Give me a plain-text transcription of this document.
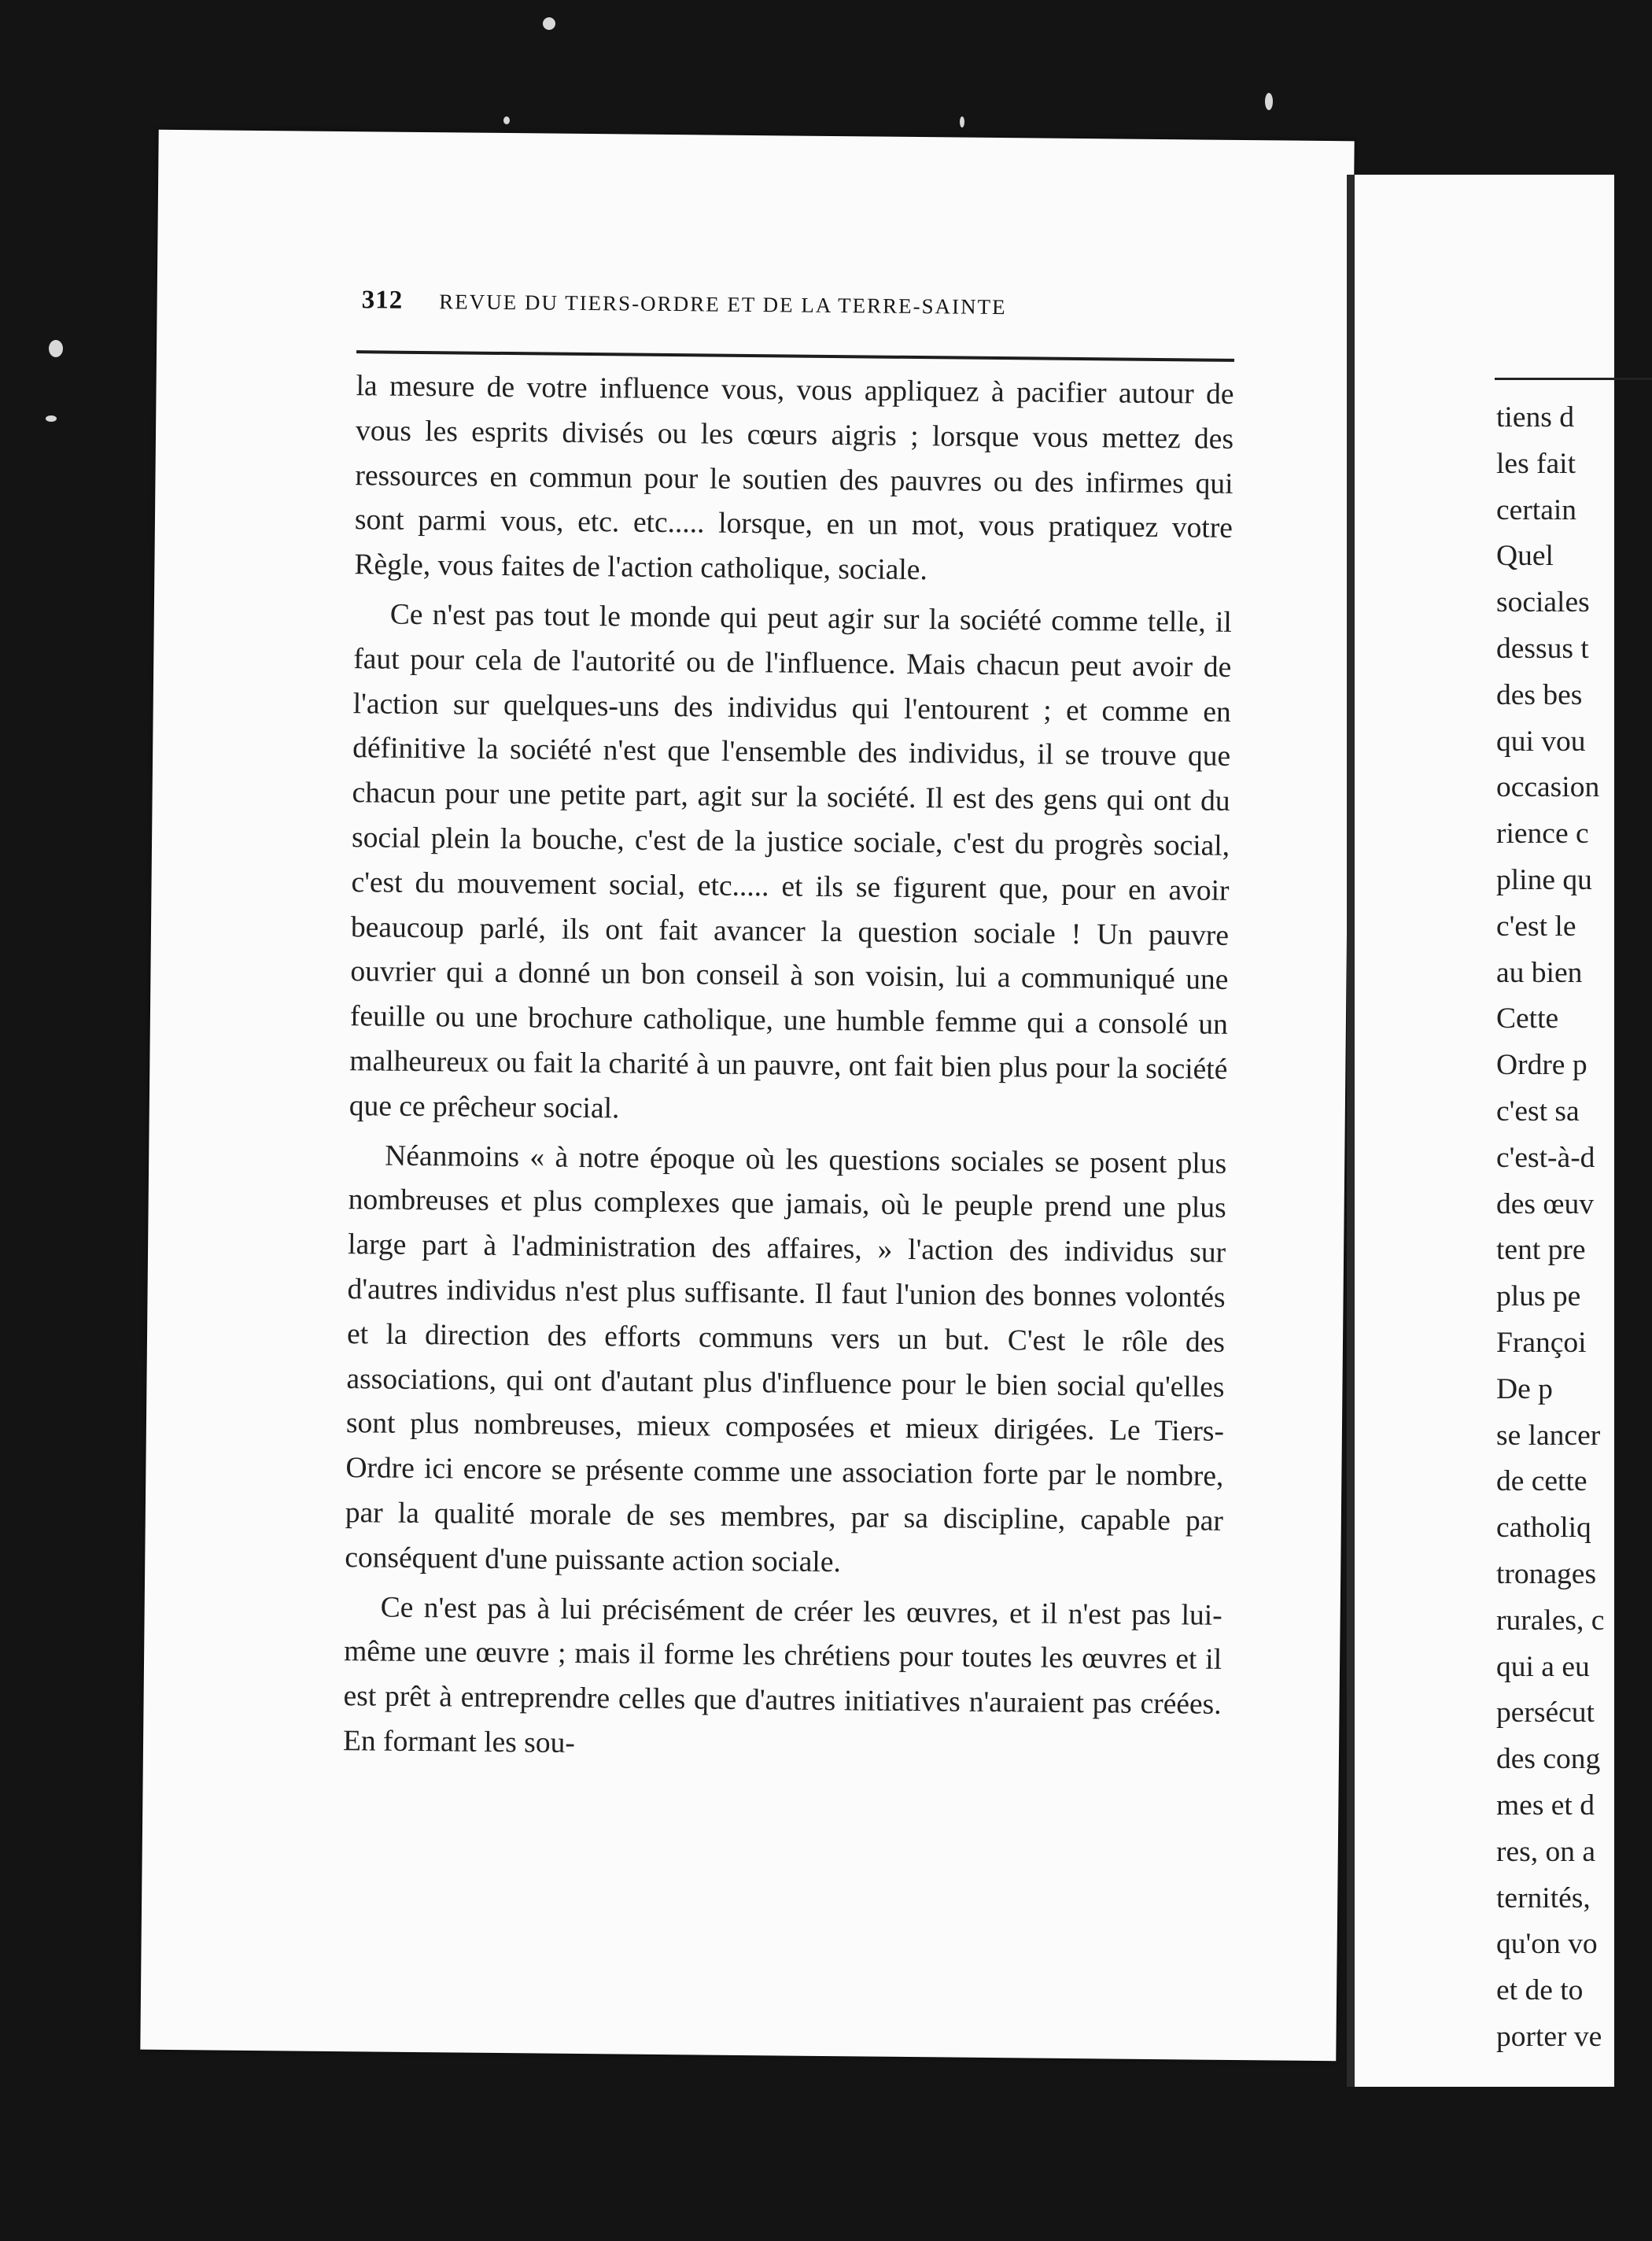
312 REVUE DU TIERS-ORDRE ET DE LA TERRE-SAINTE

la mesure de votre influence vous, vous appliquez à pacifier autour de vous les esprits divisés ou les cœurs aigris ; lorsque vous mettez des ressources en commun pour le soutien des pauvres ou des infirmes qui sont parmi vous, etc. etc..... lorsque, en un mot, vous pratiquez votre Règle, vous faites de l'action catholique, sociale.

Ce n'est pas tout le monde qui peut agir sur la société comme telle, il faut pour cela de l'autorité ou de l'influence. Mais chacun peut avoir de l'action sur quelques-uns des individus qui l'entourent ; et comme en définitive la société n'est que l'ensemble des individus, il se trouve que chacun pour une petite part, agit sur la société. Il est des gens qui ont du social plein la bouche, c'est de la justice sociale, c'est du progrès social, c'est du mouvement social, etc..... et ils se figurent que, pour en avoir beaucoup parlé, ils ont fait avancer la question sociale ! Un pauvre ouvrier qui a donné un bon conseil à son voisin, lui a communiqué une feuille ou une brochure catholique, une humble femme qui a consolé un malheureux ou fait la charité à un pauvre, ont fait bien plus pour la société que ce prêcheur social.

Néanmoins « à notre époque où les questions sociales se posent plus nombreuses et plus complexes que jamais, où le peuple prend une plus large part à l'administration des affaires, » l'action des individus sur d'autres individus n'est plus suffisante. Il faut l'union des bonnes volontés et la direction des efforts communs vers un but. C'est le rôle des associations, qui ont d'autant plus d'influence pour le bien social qu'elles sont plus nombreuses, mieux composées et mieux dirigées. Le Tiers-Ordre ici encore se présente comme une association forte par le nombre, par la qualité morale de ses membres, par sa discipline, capable par conséquent d'une puissante action sociale.

Ce n'est pas à lui précisément de créer les œuvres, et il n'est pas lui-même une œuvre ; mais il forme les chrétiens pour toutes les œuvres et il est prêt à entreprendre celles que d'autres initiatives n'auraient pas créées. En formant les sou-

tiens d
les fait
certain
Quel
sociales
dessus t
des bes
qui vou
occasion
rience c
pline qu
c'est le
au bien
Cette
Ordre p
c'est sa
c'est-à-d
des œuv
tent pre
plus pe
Françoi
De p
se lancer
de cette
catholiq
tronages
rurales, c
qui a eu
persécut
des cong
mes et d
res, on a
ternités,
qu'on vo
et de to
porter ve
